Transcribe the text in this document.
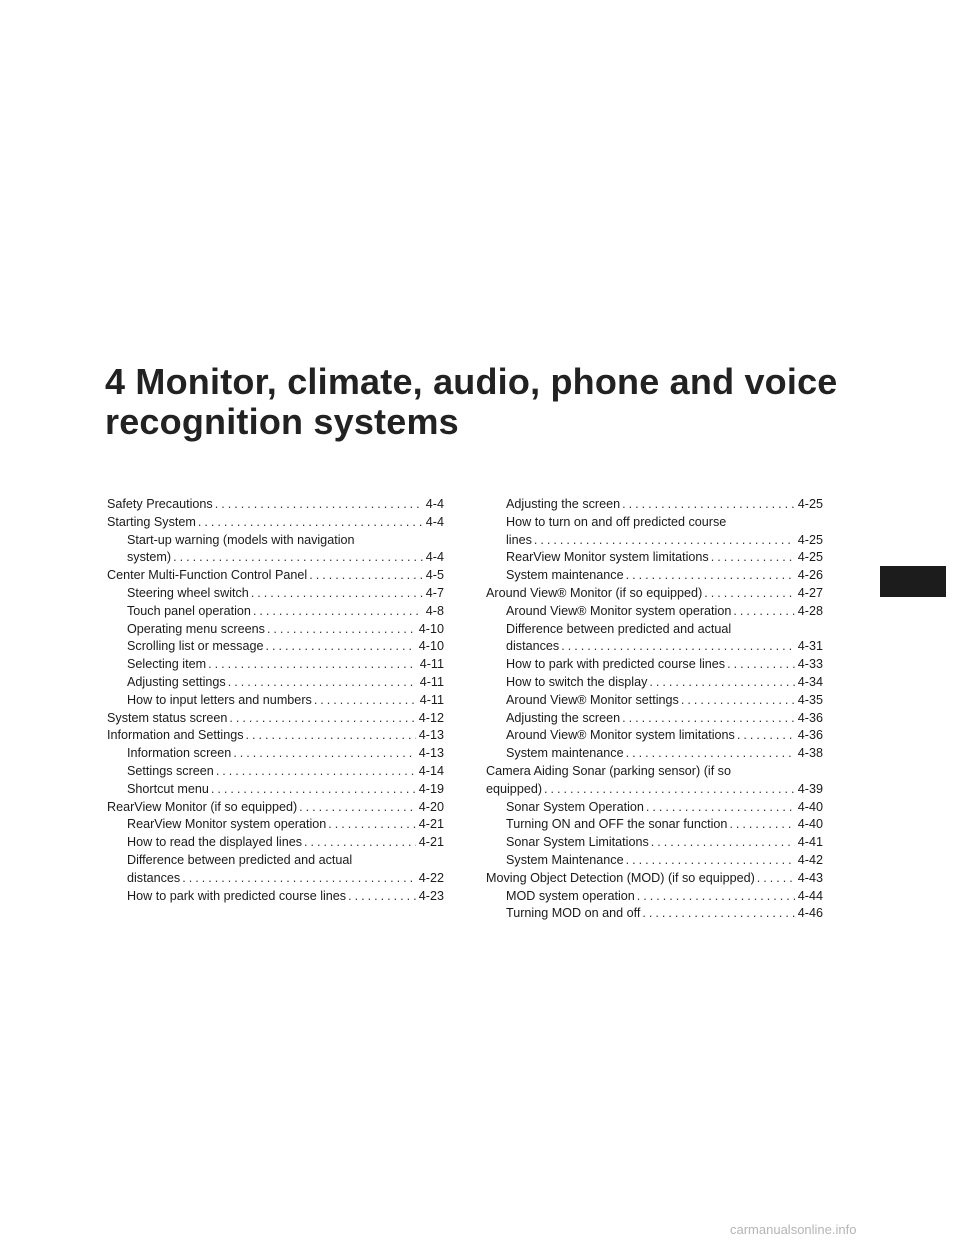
4 Monitor, climate, audio, phone and voice
recognition systems
Safety Precautions .....	4-4
Starting System .....	4-4
Start-up warning (models with navigation
system) .....	4-4
Center Multi-Function Control Panel .....	4-5
Steering wheel switch .....	4-7
Touch panel operation .....	4-8
Operating menu screens .....	4-10
Scrolling list or message .....	4-10
Selecting item .....	4-11
Adjusting settings .....	4-11
How to input letters and numbers .....	4-11
System status screen .....	4-12
Information and Settings .....	4-13
Information screen .....	4-13
Settings screen .....	4-14
Shortcut menu .....	4-19
RearView Monitor (if so equipped) .....	4-20
RearView Monitor system operation .....	4-21
How to read the displayed lines .....	4-21
Difference between predicted and actual
distances .....	4-22
How to park with predicted course lines .....	4-23
Adjusting the screen .....	4-25
How to turn on and off predicted course
lines .....	4-25
RearView Monitor system limitations .....	4-25
System maintenance .....	4-26
Around View® Monitor (if so equipped) .....	4-27
Around View® Monitor system operation .....	4-28
Difference between predicted and actual
distances .....	4-31
How to park with predicted course lines .....	4-33
How to switch the display .....	4-34
Around View® Monitor settings .....	4-35
Adjusting the screen .....	4-36
Around View® Monitor system limitations .....	4-36
System maintenance .....	4-38
Camera Aiding Sonar (parking sensor) (if so
equipped) .....	4-39
Sonar System Operation .....	4-40
Turning ON and OFF the sonar function .....	4-40
Sonar System Limitations .....	4-41
System Maintenance .....	4-42
Moving Object Detection (MOD) (if so equipped) .....	4-43
MOD system operation .....	4-44
Turning MOD on and off .....	4-46
carmanualsonline.info
